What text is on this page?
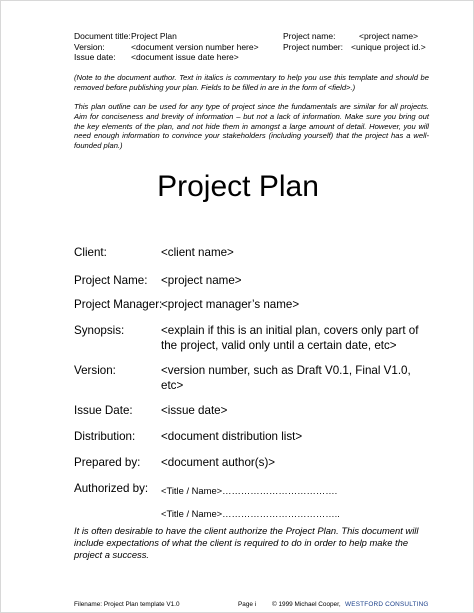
Document title:Project Plan
Version:	<document version number here>
Issue date: <document issue date here>
Project name:	<project name>
Project number: <unique project id.>
(Note to the document author. Text in italics is commentary to help you use this template and should be removed before publishing your plan. Fields to be filled in are in the form of <field>.)
This plan outline can be used for any type of project since the fundamentals are similar for all projects. Aim for conciseness and brevity of information – but not a lack of information. Make sure you bring out the key elements of the plan, and not hide them in amongst a large amount of detail. However, you will need enough information to convince your stakeholders (including yourself) that the project has a well-founded plan.)
Project Plan
Client:	<client name>
Project Name: <project name>
Project Manager:
<project manager’s name>
Synopsis:	<explain if this is an initial plan, covers only part of the project, valid only until a certain date, etc>
Version:	<version number, such as Draft V0.1, Final V1.0, etc>
Issue Date: <issue date>
Distribution: <document distribution list>
Prepared by: <document author(s)>
Authorized by: <Title / Name>……………………………….
<Title / Name>………………………………..
It is often desirable to have the client authorize the Project Plan. This document will include expectations of what the client is required to do in order to help make the project a success.
Filename: Project Plan template V1.0	Page i © 1999 Michael Cooper, WESTFORD CONSULTING
